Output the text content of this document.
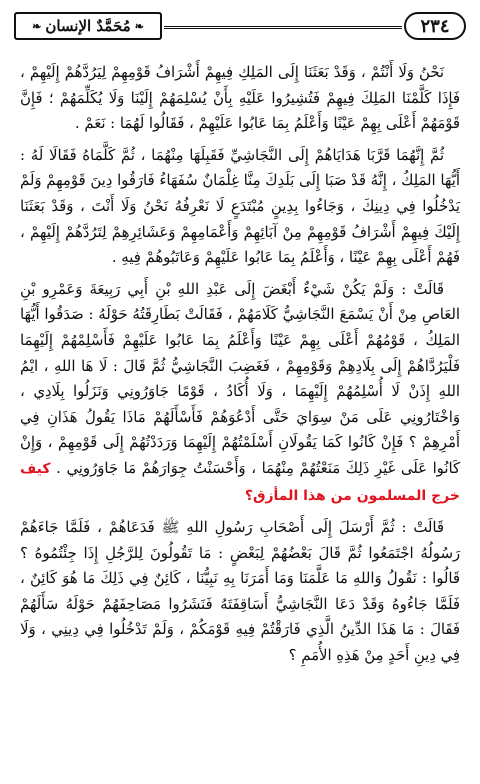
❧ مُحَمَّدٌ الإنسان ❧	٢٣٤

نَحْنُ وَلَا أَنْتُمْ ، وَقَدْ بَعَثَنَا إِلَى المَلِكِ فِيهِمْ أَشْرَافُ قَوْمِهِمْ لِيَرُدَّهُمْ إِلَيْهِمْ ، فَإِذَا كَلَّمْنَا المَلِكَ فِيهِمْ فَتُشِيرُوا عَلَيْهِ بِأَنْ يُسْلِمَهُمْ إِلَيْنَا وَلَا يُكَلِّمَهُمْ ؛ فَإِنَّ قَوْمَهُمْ أَعْلَى بِهِمْ عَيْنًا وَأَعْلَمُ بِمَا عَابُوا عَلَيْهِمْ ، فَقَالُوا لَهُمَا : نَعَمْ .

ثُمَّ إِنَّهُمَا قَرَّبَا هَدَايَاهُمْ إِلَى النَّجَاشِيِّ فَقَبِلَهَا مِنْهُمَا ، ثُمَّ كَلَّمَاهُ فَقَالَا لَهُ : أَيُّهَا المَلِكُ ، إِنَّهُ قَدْ صَبَا إِلَى بَلَدِكَ مِنَّا غِلْمَانٌ سُفَهَاءُ فَارَقُوا دِينَ قَوْمِهِمْ وَلَمْ يَدْخُلُوا فِي دِينِكَ ، وَجَاءُوا بِدِينٍ مُبْتَدَعٍ لَا نَعْرِفُهُ نَحْنُ وَلَا أَنْتَ ، وَقَدْ بَعَثَنَا إِلَيْكَ فِيهِمْ أَشْرَافُ قَوْمِهِمْ مِنْ آبَائِهِمْ وَأَعْمَامِهِمْ وَعَشَائِرِهِمْ لِتَرُدَّهُمْ إِلَيْهِمْ ، فَهُمْ أَعْلَى بِهِمْ عَيْنًا ، وَأَعْلَمُ بِمَا عَابُوا عَلَيْهِمْ وَعَاتَبُوهُمْ فِيهِ .

قَالَتْ : وَلَمْ يَكُنْ شَيْءٌ أَبْغَضَ إِلَى عَبْدِ اللهِ بْنِ أَبِي رَبِيعَةَ وَعَمْرِو بْنِ العَاصِ مِنْ أَنْ يَسْمَعَ النَّجَاشِيُّ كَلَامَهُمْ ، فَقَالَتْ بَطَارِقَتُهُ حَوْلَهُ : صَدَقُوا أَيُّهَا المَلِكُ ، قَوْمُهُمْ أَعْلَى بِهِمْ عَيْنًا وَأَعْلَمُ بِمَا عَابُوا عَلَيْهِمْ فَأَسْلِمْهُمْ إِلَيْهِمَا فَلْيَرُدَّاهُمْ إِلَى بِلَادِهِمْ وَقَوْمِهِمْ ، فَغَضِبَ النَّجَاشِيُّ ثُمَّ قَالَ : لَا هَا اللهِ ، ايْمُ اللهِ إِذَنْ لَا أُسْلِمُهُمْ إِلَيْهِمَا ، وَلَا أُكَادُ ، قَوْمًا جَاوَرُونِي وَنَزَلُوا بِلَادِي ، وَاخْتَارُونِي عَلَى مَنْ سِوَايَ حَتَّى أَدْعُوَهُمْ فَأَسْأَلَهُمْ مَاذَا يَقُولُ هَذَانِ فِي أَمْرِهِمْ ؟ فَإِنْ كَانُوا كَمَا يَقُولَانِ أَسْلَمْتُهُمْ إِلَيْهِمَا وَرَدَدْتُهُمْ إِلَى قَوْمِهِمْ ، وَإِنْ كَانُوا عَلَى غَيْرِ ذَلِكَ مَنَعْتُهُمْ مِنْهُمَا ، وَأَحْسَنْتُ جِوَارَهُمْ مَا جَاوَرُونِي . كيف خرج المسلمون من هذا المأزق؟

قَالَتْ : ثُمَّ أَرْسَلَ إِلَى أَصْحَابِ رَسُولِ اللهِ ﷺ فَدَعَاهُمْ ، فَلَمَّا جَاءَهُمْ رَسُولُهُ اجْتَمَعُوا ثُمَّ قَالَ بَعْضُهُمْ لِبَعْضٍ : مَا تَقُولُونَ لِلرَّجُلِ إِذَا جِئْتُمُوهُ ؟ قَالُوا : نَقُولُ وَاللهِ مَا عَلَّمَنَا وَمَا أَمَرَنَا بِهِ نَبِيُّنَا ، كَائِنٌ فِي ذَلِكَ مَا هُوَ كَائِنٌ ، فَلَمَّا جَاءُوهُ وَقَدْ دَعَا النَّجَاشِيُّ أَسَاقِفَتَهُ فَنَشَرُوا مَصَاحِفَهُمْ حَوْلَهُ سَأَلَهُمْ فَقَالَ : مَا هَذَا الدِّينُ الَّذِي فَارَقْتُمْ فِيهِ قَوْمَكُمْ ، وَلَمْ تَدْخُلُوا فِي دِينِي ، وَلَا فِي دِينِ أَحَدٍ مِنْ هَذِهِ الأُمَمِ ؟
